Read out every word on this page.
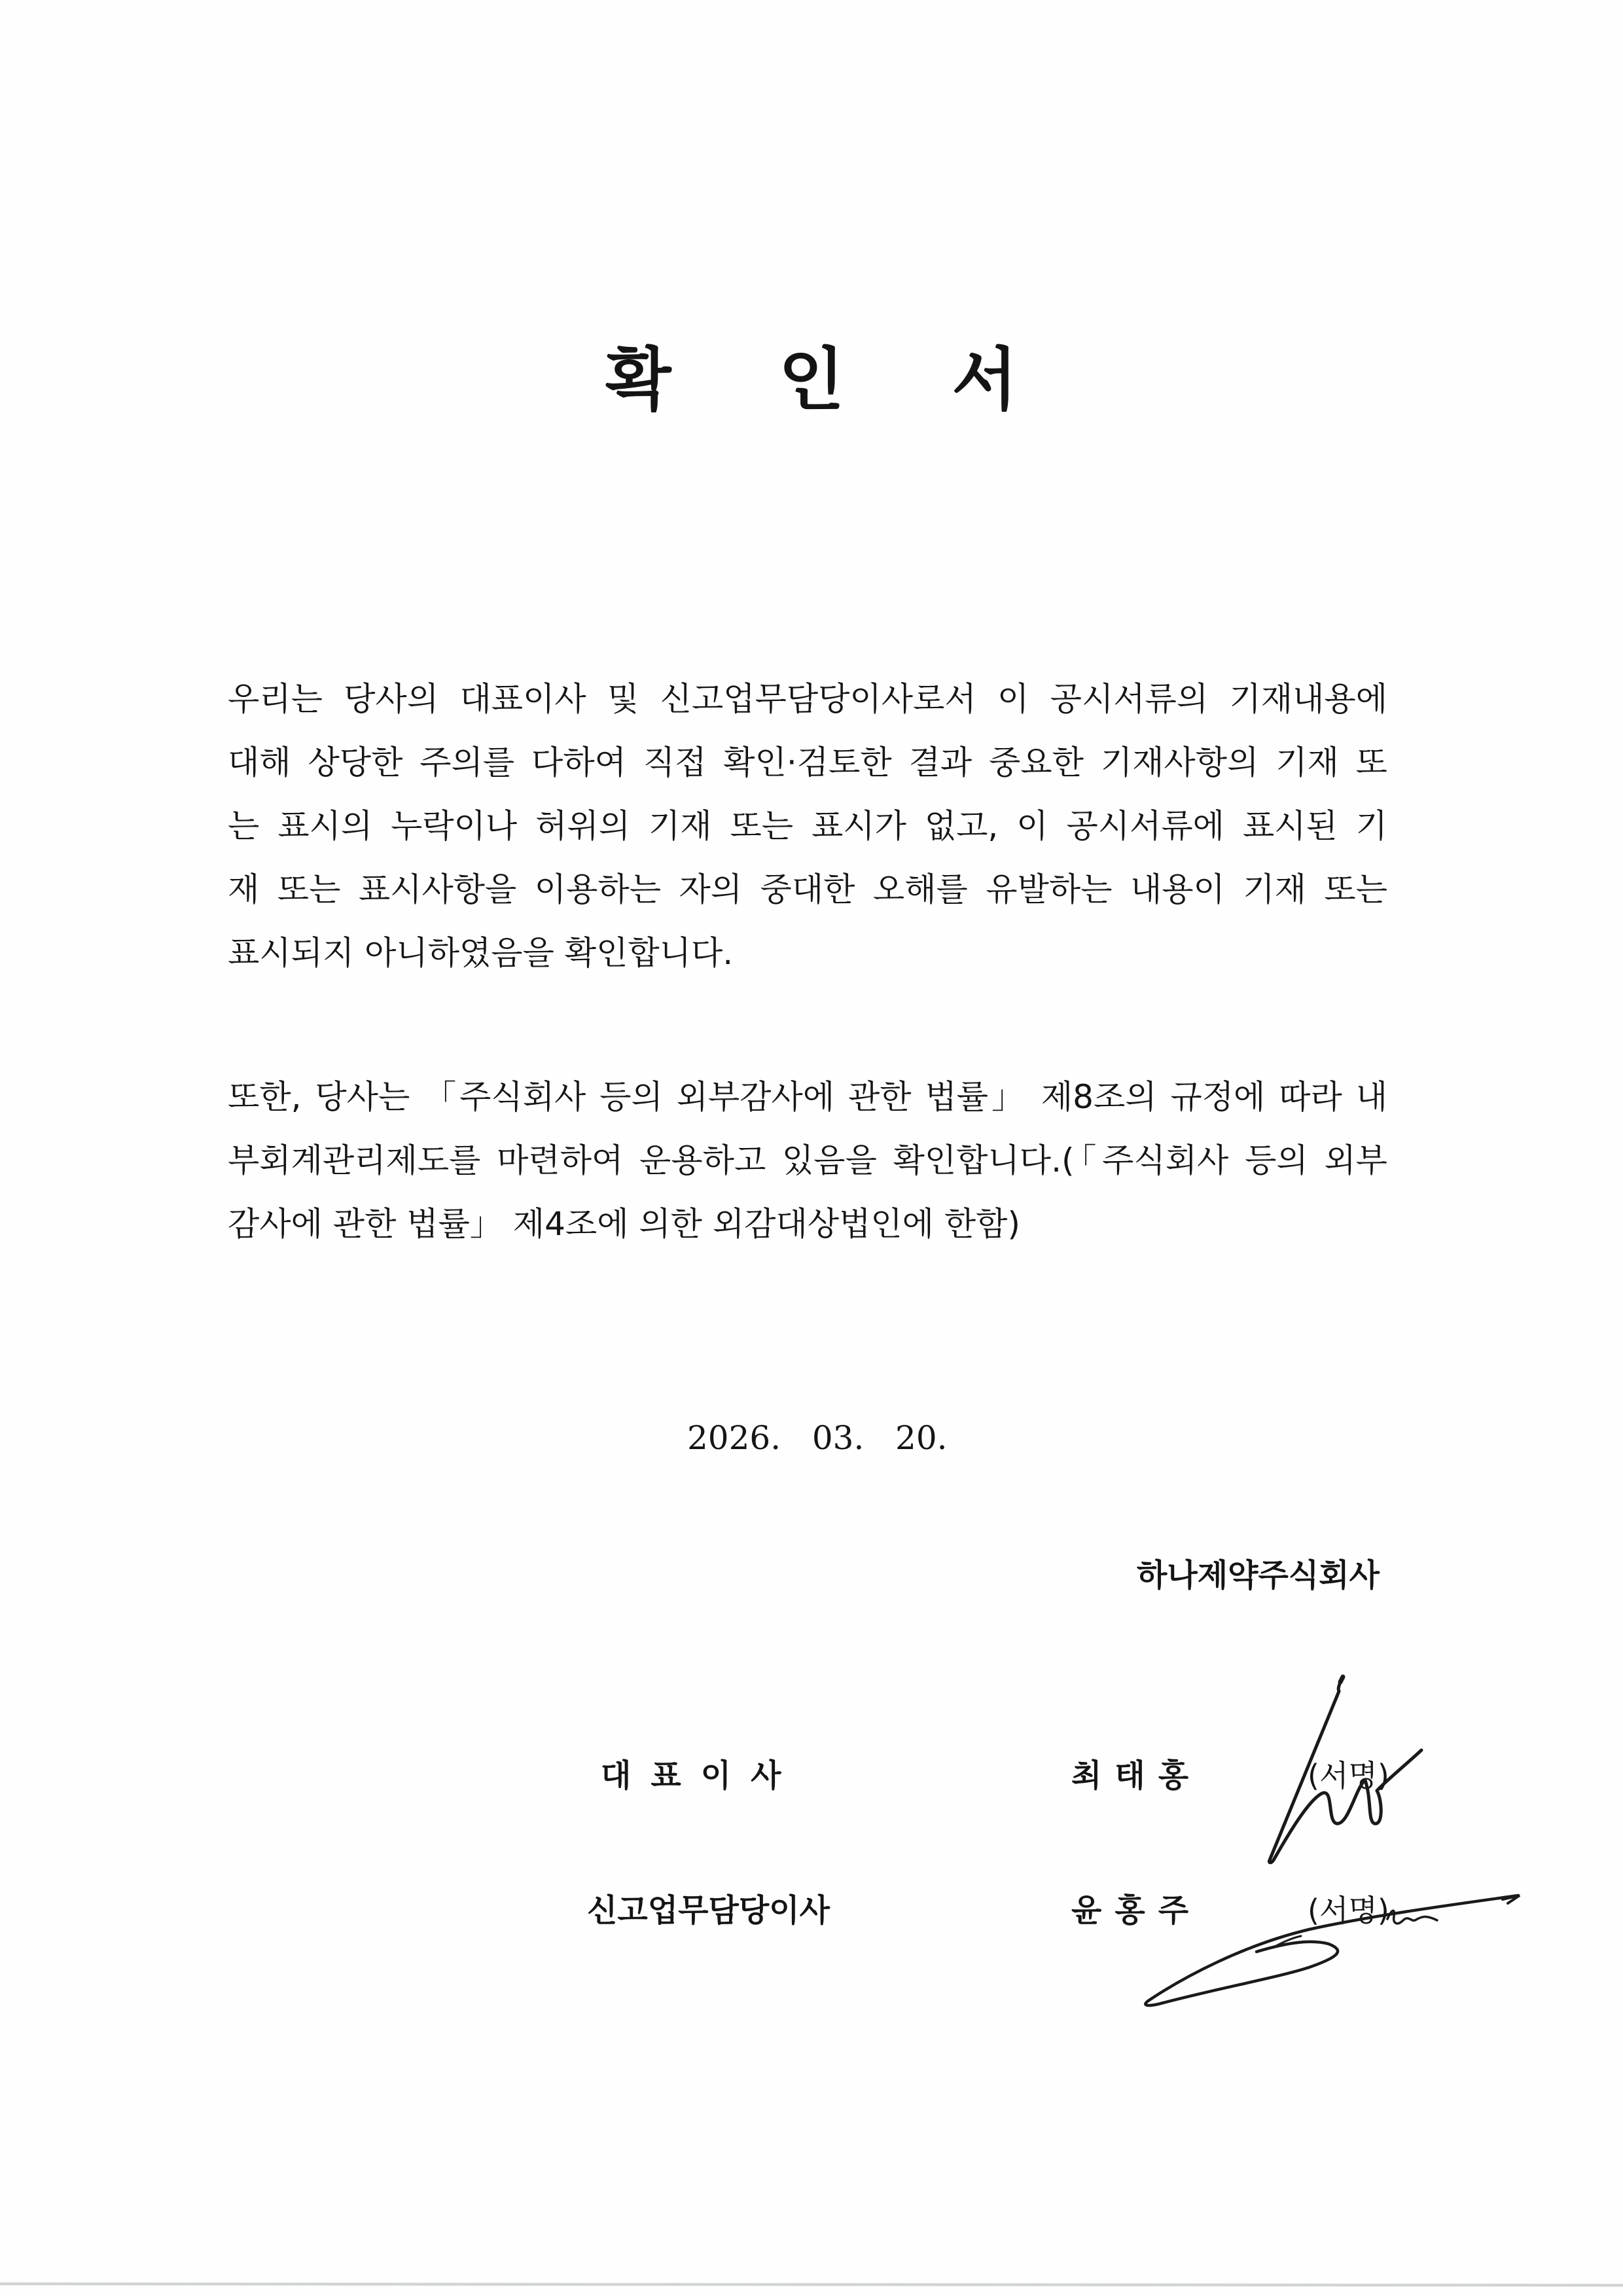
확 인 서
우리는 당사의 대표이사 및 신고업무담당이사로서 이 공시서류의 기재내용에
대해 상당한 주의를 다하여 직접 확인·검토한 결과 중요한 기재사항의 기재 또
는 표시의 누락이나 허위의 기재 또는 표시가 없고, 이 공시서류에 표시된 기
재 또는 표시사항을 이용하는 자의 중대한 오해를 유발하는 내용이 기재 또는
표시되지 아니하였음을 확인합니다.
또한, 당사는 「주식회사 등의 외부감사에 관한 법률」 제8조의 규정에 따라 내
부회계관리제도를 마련하여 운용하고 있음을 확인합니다.(「주식회사 등의 외부
감사에 관한 법률」 제4조에 의한 외감대상법인에 한함)
2026.   03.   20.
하나제약주식회사
대표이사	최태홍	(서명)
신고업무담당이사	윤홍주	(서명)
